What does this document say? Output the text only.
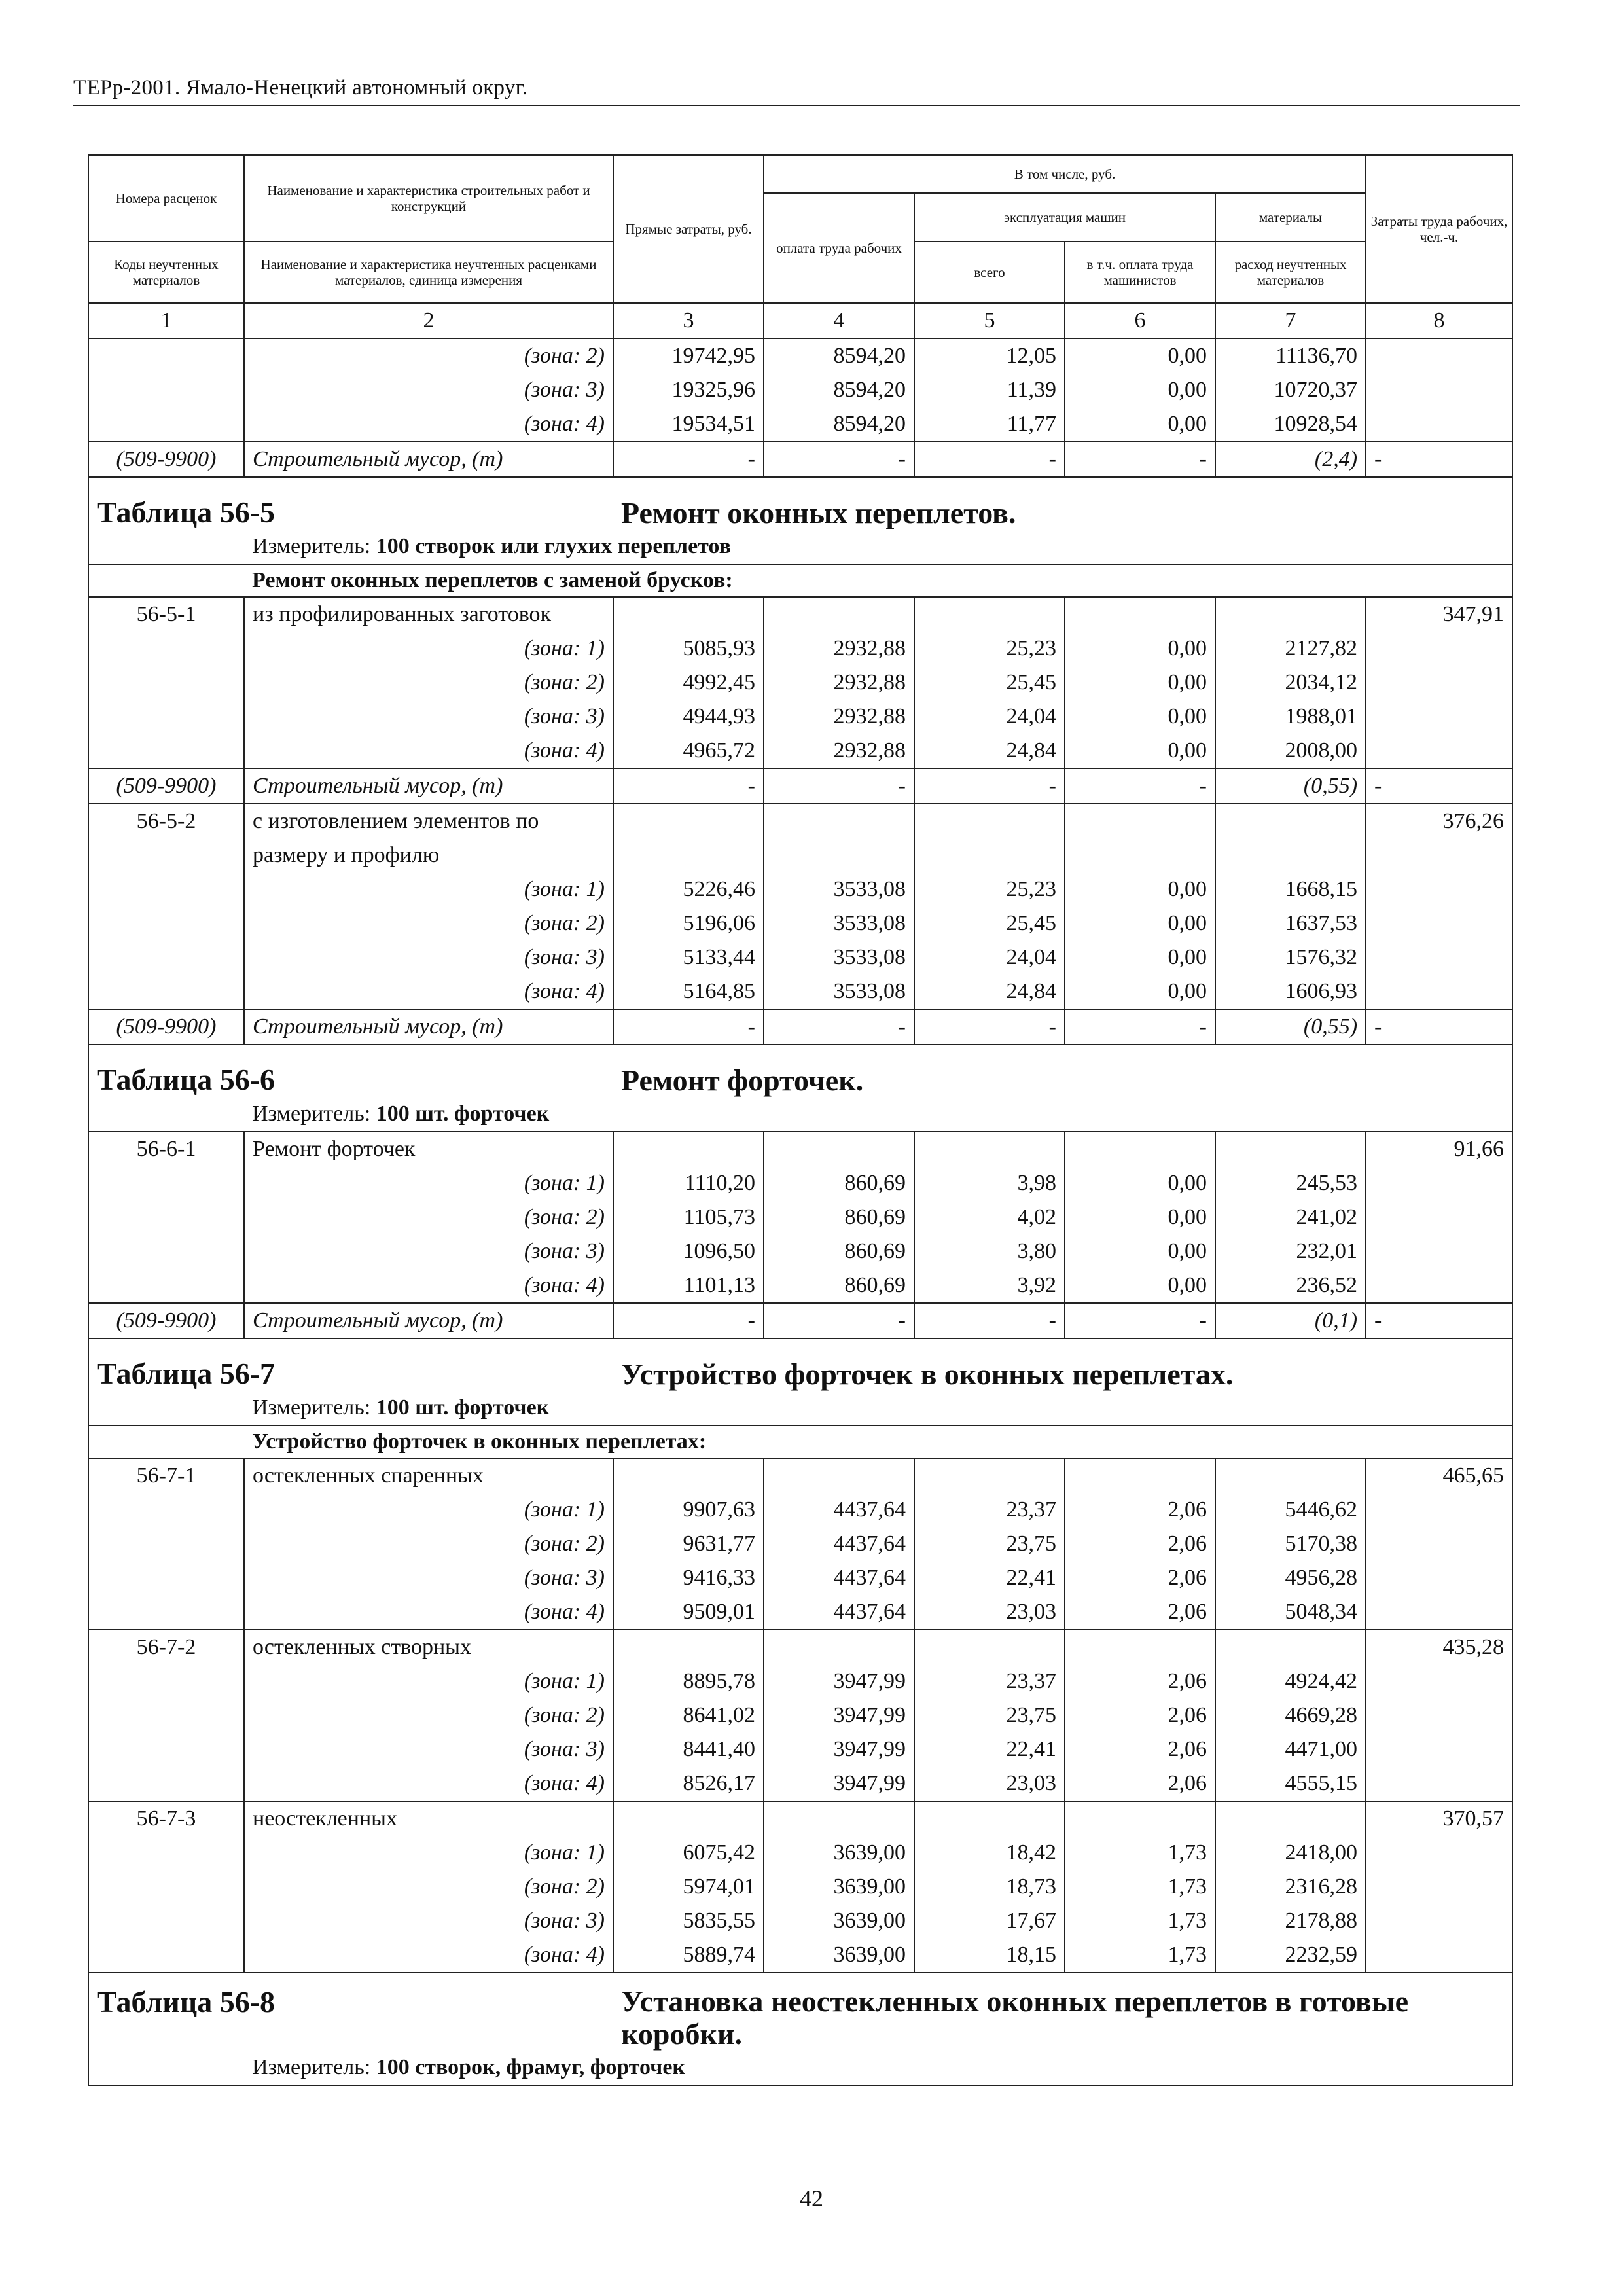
ТЕРр-2001. Ямало-Ненецкий автономный округ.
Номера расценок	Наименование и характеристика строительных работ и конструкций	Прямые затраты, руб.	В том числе, руб.				Затраты труда рабочих, чел.-ч.
			оплата труда рабочих	эксплуатация машин		материалы	
Коды неучтенных материалов	Наименование и характеристика неучтенных расценками материалов, единица измерения			всего	в т.ч. оплата труда машинистов	расход неучтенных материалов	
1	2	3	4	5	6	7	8
	(зона: 2)	19742,95	8594,20	12,05	0,00	11136,70	
	(зона: 3)	19325,96	8594,20	11,39	0,00	10720,37	
	(зона: 4)	19534,51	8594,20	11,77	0,00	10928,54	
(509-9900)	Строительный мусор, (т)	-	-	-	-	(2,4)	-
Таблица 56-5		Ремонт оконных переплетов.					
	Измеритель: 100 створок или глухих переплетов						
	Ремонт оконных переплетов с заменой брусков:						
56-5-1	из профилированных заготовок						347,91
	(зона: 1)	5085,93	2932,88	25,23	0,00	2127,82	
	(зона: 2)	4992,45	2932,88	25,45	0,00	2034,12	
	(зона: 3)	4944,93	2932,88	24,04	0,00	1988,01	
	(зона: 4)	4965,72	2932,88	24,84	0,00	2008,00	
(509-9900)	Строительный мусор, (т)	-	-	-	-	(0,55)	-
56-5-2	с изготовлением элементов по						376,26
	размеру и профилю						
	(зона: 1)	5226,46	3533,08	25,23	0,00	1668,15	
	(зона: 2)	5196,06	3533,08	25,45	0,00	1637,53	
	(зона: 3)	5133,44	3533,08	24,04	0,00	1576,32	
	(зона: 4)	5164,85	3533,08	24,84	0,00	1606,93	
(509-9900)	Строительный мусор, (т)	-	-	-	-	(0,55)	-
Таблица 56-6		Ремонт форточек.					
	Измеритель: 100 шт. форточек						
56-6-1	Ремонт форточек						91,66
	(зона: 1)	1110,20	860,69	3,98	0,00	245,53	
	(зона: 2)	1105,73	860,69	4,02	0,00	241,02	
	(зона: 3)	1096,50	860,69	3,80	0,00	232,01	
	(зона: 4)	1101,13	860,69	3,92	0,00	236,52	
(509-9900)	Строительный мусор, (т)	-	-	-	-	(0,1)	-
Таблица 56-7		Устройство форточек в оконных переплетах.					
	Измеритель: 100 шт. форточек						
	Устройство форточек в оконных переплетах:						
56-7-1	остекленных спаренных						465,65
	(зона: 1)	9907,63	4437,64	23,37	2,06	5446,62	
	(зона: 2)	9631,77	4437,64	23,75	2,06	5170,38	
	(зона: 3)	9416,33	4437,64	22,41	2,06	4956,28	
	(зона: 4)	9509,01	4437,64	23,03	2,06	5048,34	
56-7-2	остекленных створных						435,28
	(зона: 1)	8895,78	3947,99	23,37	2,06	4924,42	
	(зона: 2)	8641,02	3947,99	23,75	2,06	4669,28	
	(зона: 3)	8441,40	3947,99	22,41	2,06	4471,00	
	(зона: 4)	8526,17	3947,99	23,03	2,06	4555,15	
56-7-3	неостекленных						370,57
	(зона: 1)	6075,42	3639,00	18,42	1,73	2418,00	
	(зона: 2)	5974,01	3639,00	18,73	1,73	2316,28	
	(зона: 3)	5835,55	3639,00	17,67	1,73	2178,88	
	(зона: 4)	5889,74	3639,00	18,15	1,73	2232,59	
Таблица 56-8		Установка неостекленных оконных переплетов в готовые коробки.					
	Измеритель: 100 створок, фрамуг, форточек						
42
